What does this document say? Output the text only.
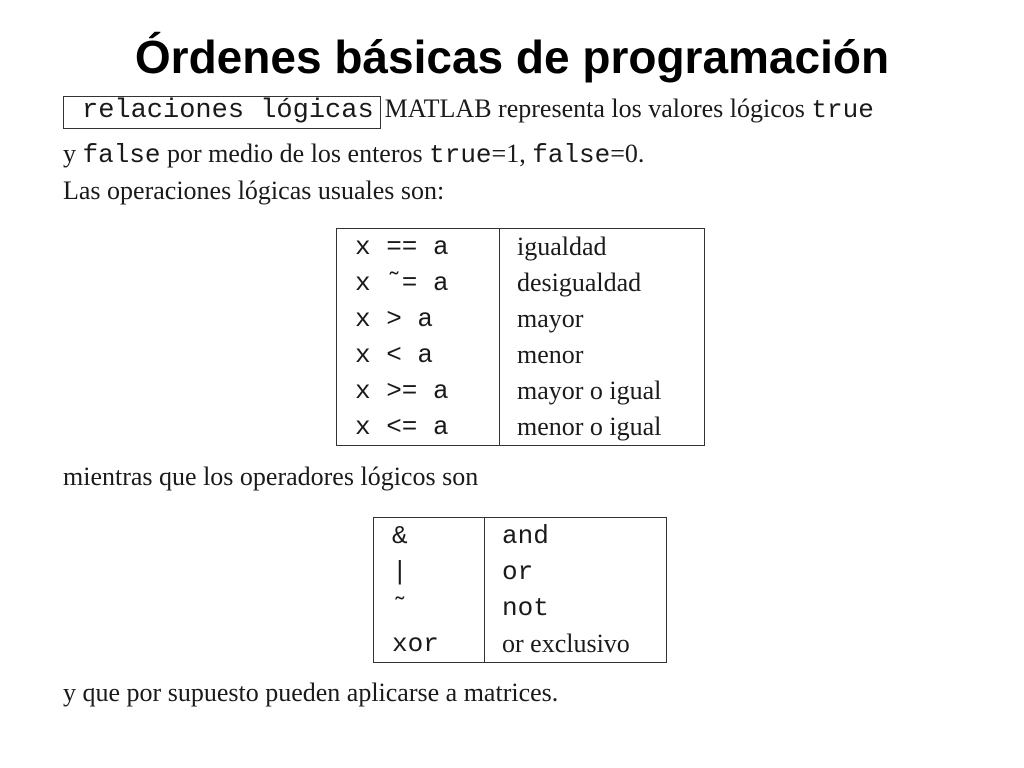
Órdenes básicas de programación
relaciones lógicas MATLAB representa los valores lógicos true
y false por medio de los enteros true=1, false=0.
Las operaciones lógicas usuales son:
x == a	igualdad
x ˜= a	desigualdad
x > a	mayor
x < a	menor
x >= a	mayor o igual
x <= a	menor o igual
mientras que los operadores lógicos son
&	and
|	or
˜	not
xor	or exclusivo
y que por supuesto pueden aplicarse a matrices.
